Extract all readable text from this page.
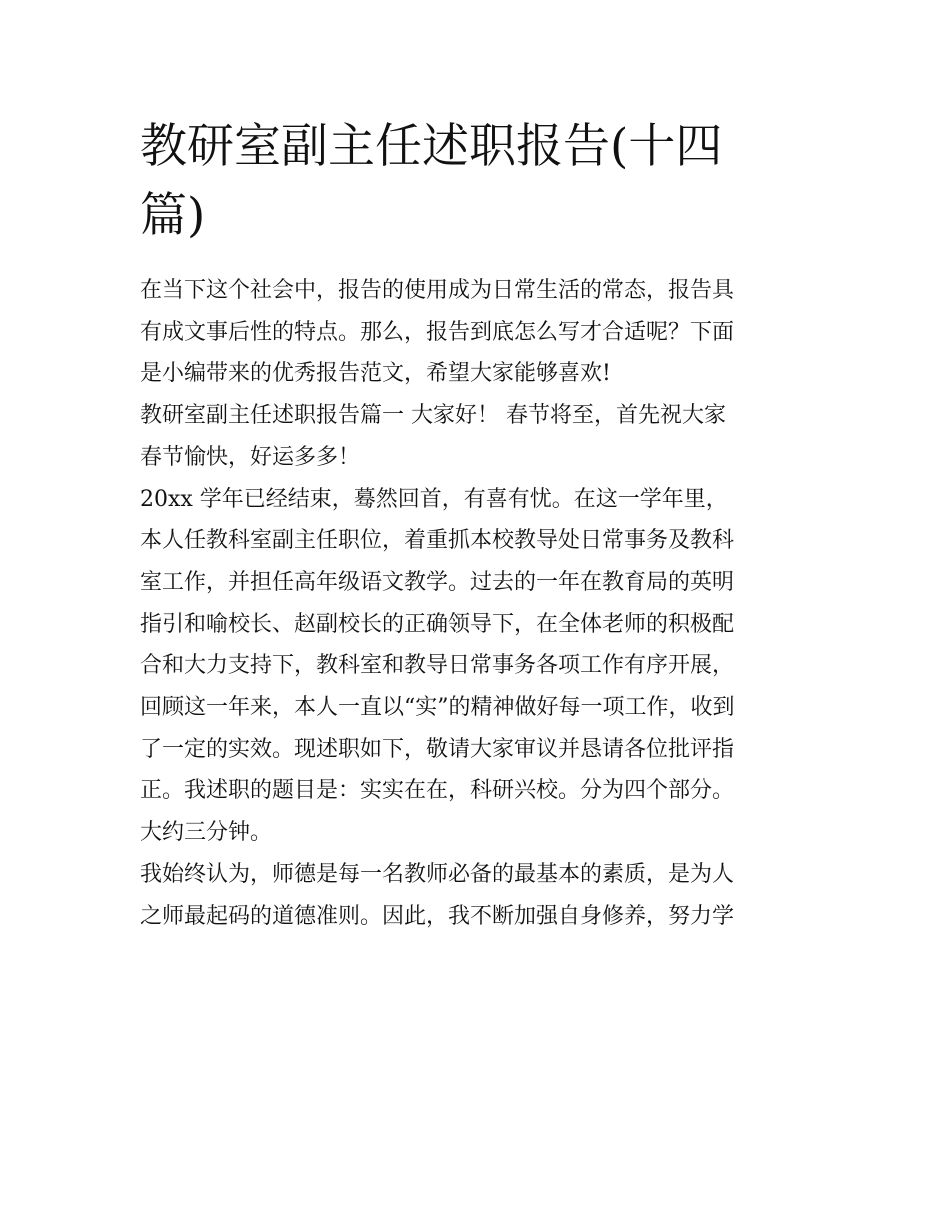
教研室副主任述职报告(十四
篇)
在当下这个社会中，报告的使用成为日常生活的常态，报告具
有成文事后性的特点。那么，报告到底怎么写才合适呢？下面
是小编带来的优秀报告范文，希望大家能够喜欢!
教研室副主任述职报告篇一 大家好！ 春节将至，首先祝大家
春节愉快，好运多多！
20xx 学年已经结束，蓦然回首，有喜有忧。在这一学年里，
本人任教科室副主任职位，着重抓本校教导处日常事务及教科
室工作，并担任高年级语文教学。过去的一年在教育局的英明
指引和喻校长、赵副校长的正确领导下，在全体老师的积极配
合和大力支持下，教科室和教导日常事务各项工作有序开展，
回顾这一年来，本人一直以“实”的精神做好每一项工作，收到
了一定的实效。现述职如下，敬请大家审议并恳请各位批评指
正。我述职的题目是：实实在在，科研兴校。分为四个部分。
大约三分钟。
我始终认为，师德是每一名教师必备的最基本的素质，是为人
之师最起码的道德准则。因此，我不断加强自身修养，努力学
